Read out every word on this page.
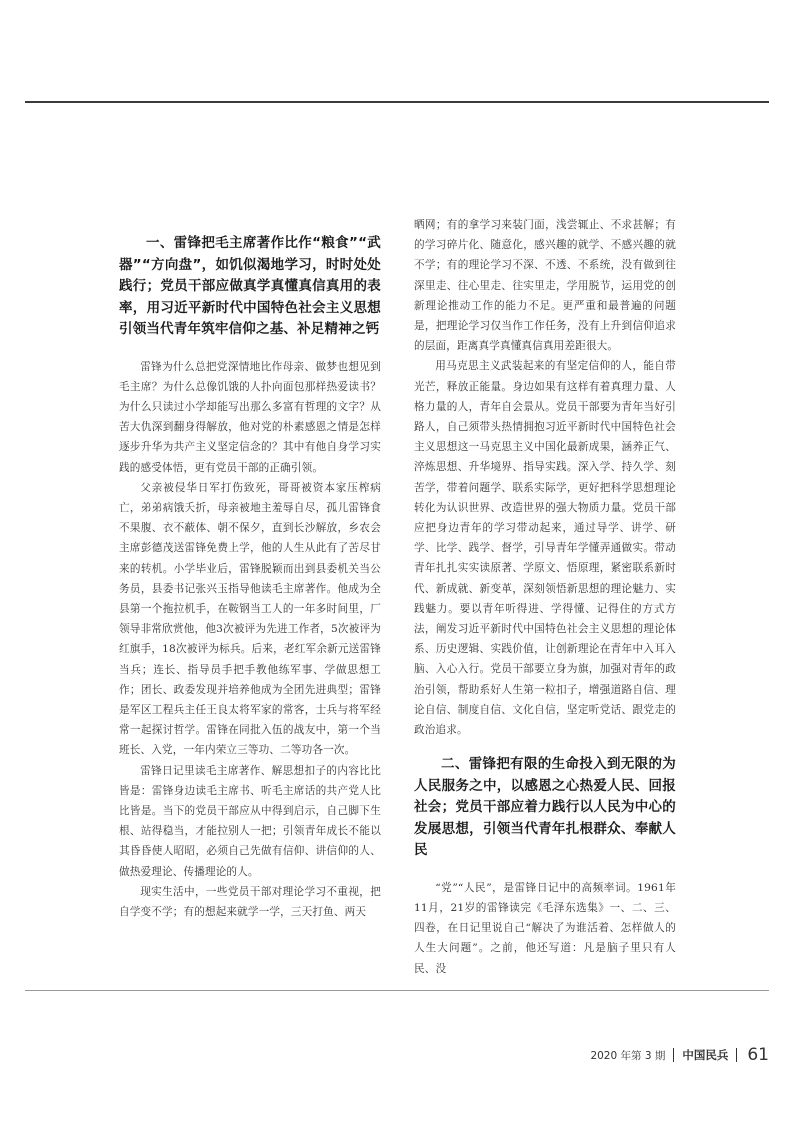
一、雷锋把毛主席著作比作“粮食”“武器”“方向盘”，如饥似渴地学习，时时处处践行；党员干部应做真学真懂真信真用的表率，用习近平新时代中国特色社会主义思想引领当代青年筑牢信仰之基、补足精神之钙

雷锋为什么总把党深情地比作母亲、做梦也想见到毛主席？为什么总像饥饿的人扑向面包那样热爱读书？为什么只读过小学却能写出那么多富有哲理的文字？从苦大仇深到翻身得解放，他对党的朴素感恩之情是怎样逐步升华为共产主义坚定信念的？其中有他自身学习实践的感受体悟，更有党员干部的正确引领。

父亲被侵华日军打伤致死，哥哥被资本家压榨病亡，弟弟病饿夭折，母亲被地主羞辱自尽，孤儿雷锋食不果腹、衣不蔽体、朝不保夕，直到长沙解放，乡农会主席彭德茂送雷锋免费上学，他的人生从此有了苦尽甘来的转机。小学毕业后，雷锋脱颖而出到县委机关当公务员，县委书记张兴玉指导他读毛主席著作。他成为全县第一个拖拉机手，在鞍钢当工人的一年多时间里，厂领导非常欣赏他，他3次被评为先进工作者，5次被评为红旗手，18次被评为标兵。后来，老红军余新元送雷锋当兵；连长、指导员手把手教他练军事、学做思想工作；团长、政委发现并培养他成为全团先进典型；雷锋是军区工程兵主任王良太将军家的常客，士兵与将军经常一起探讨哲学。雷锋在同批入伍的战友中，第一个当班长、入党，一年内荣立三等功、二等功各一次。

雷锋日记里读毛主席著作、解思想扣子的内容比比皆是：雷锋身边读毛主席书、听毛主席话的共产党人比比皆是。当下的党员干部应从中得到启示，自己脚下生根、站得稳当，才能拉别人一把；引领青年成长不能以其昏昏使人昭昭，必须自己先做有信仰、讲信仰的人、做热爱理论、传播理论的人。

现实生活中，一些党员干部对理论学习不重视，把自学变不学；有的想起来就学一学，三天打鱼、两天

晒网；有的拿学习来装门面，浅尝辄止、不求甚解；有的学习碎片化、随意化，感兴趣的就学、不感兴趣的就不学；有的理论学习不深、不透、不系统，没有做到往深里走、往心里走、往实里走，学用脱节，运用党的创新理论推动工作的能力不足。更严重和最普遍的问题是，把理论学习仅当作工作任务，没有上升到信仰追求的层面，距离真学真懂真信真用差距很大。

用马克思主义武装起来的有坚定信仰的人，能自带光芒，释放正能量。身边如果有这样有着真理力量、人格力量的人，青年自会景从。党员干部要为青年当好引路人，自己须带头热情拥抱习近平新时代中国特色社会主义思想这一马克思主义中国化最新成果，涵养正气、淬炼思想、升华境界、指导实践。深入学、持久学、刻苦学，带着问题学、联系实际学，更好把科学思想理论转化为认识世界、改造世界的强大物质力量。党员干部应把身边青年的学习带动起来，通过导学、讲学、研学、比学、践学、督学，引导青年学懂弄通做实。带动青年扎扎实实读原著、学原文、悟原理，紧密联系新时代、新成就、新变革，深刻领悟新思想的理论魅力、实践魅力。要以青年听得进、学得懂、记得住的方式方法，阐发习近平新时代中国特色社会主义思想的理论体系、历史逻辑、实践价值，让创新理论在青年中入耳入脑、入心入行。党员干部要立身为旗，加强对青年的政治引领，帮助系好人生第一粒扣子，增强道路自信、理论自信、制度自信、文化自信，坚定听党话、跟党走的政治追求。

二、雷锋把有限的生命投入到无限的为人民服务之中，以感恩之心热爱人民、回报社会；党员干部应着力践行以人民为中心的发展思想，引领当代青年扎根群众、奉献人民

“党”“人民”，是雷锋日记中的高频率词。1961年11月，21岁的雷锋读完《毛泽东选集》一、二、三、四卷，在日记里说自己“解决了为谁活着、怎样做人的人生大问题”。之前，他还写道：凡是脑子里只有人民、没

2020 年第 3 期 中国民兵 61
